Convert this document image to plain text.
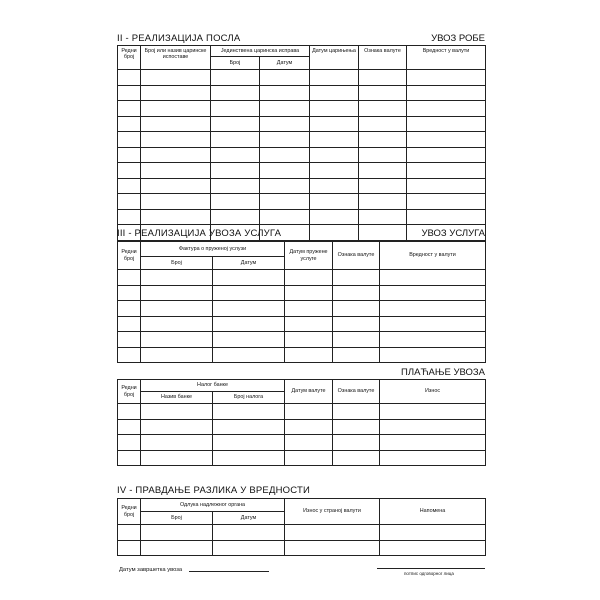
II - РЕАЛИЗАЦИЈА ПОСЛА	УВОЗ РОБЕ
Редни број	Број или назив царинске испоставе	Јединствена царинска исправа		Датум царињења	Ознака валуте	Вредност у валути
		Број	Датум			

III - РЕАЛИЗАЦИЈА УВОЗА УСЛУГА	УВОЗ УСЛУГА
Редни број	Фактура о пруженој услузи		Датум пружене услуге	Ознака валуте	Вредност у валути
	Број	Датум			

ПЛАЋАЊЕ УВОЗА
Редни број	Налог банке		Датум валуте	Ознака валуте	Износ
	Назив банке	Број налога			

IV - ПРАВДАЊЕ РАЗЛИКА У ВРЕДНОСТИ
Редни број	Одлука надлежног органа		Износ у страној валути	Напомена
	Број	Датум		

Датум завршетка увоза
потпис одговорног лица
